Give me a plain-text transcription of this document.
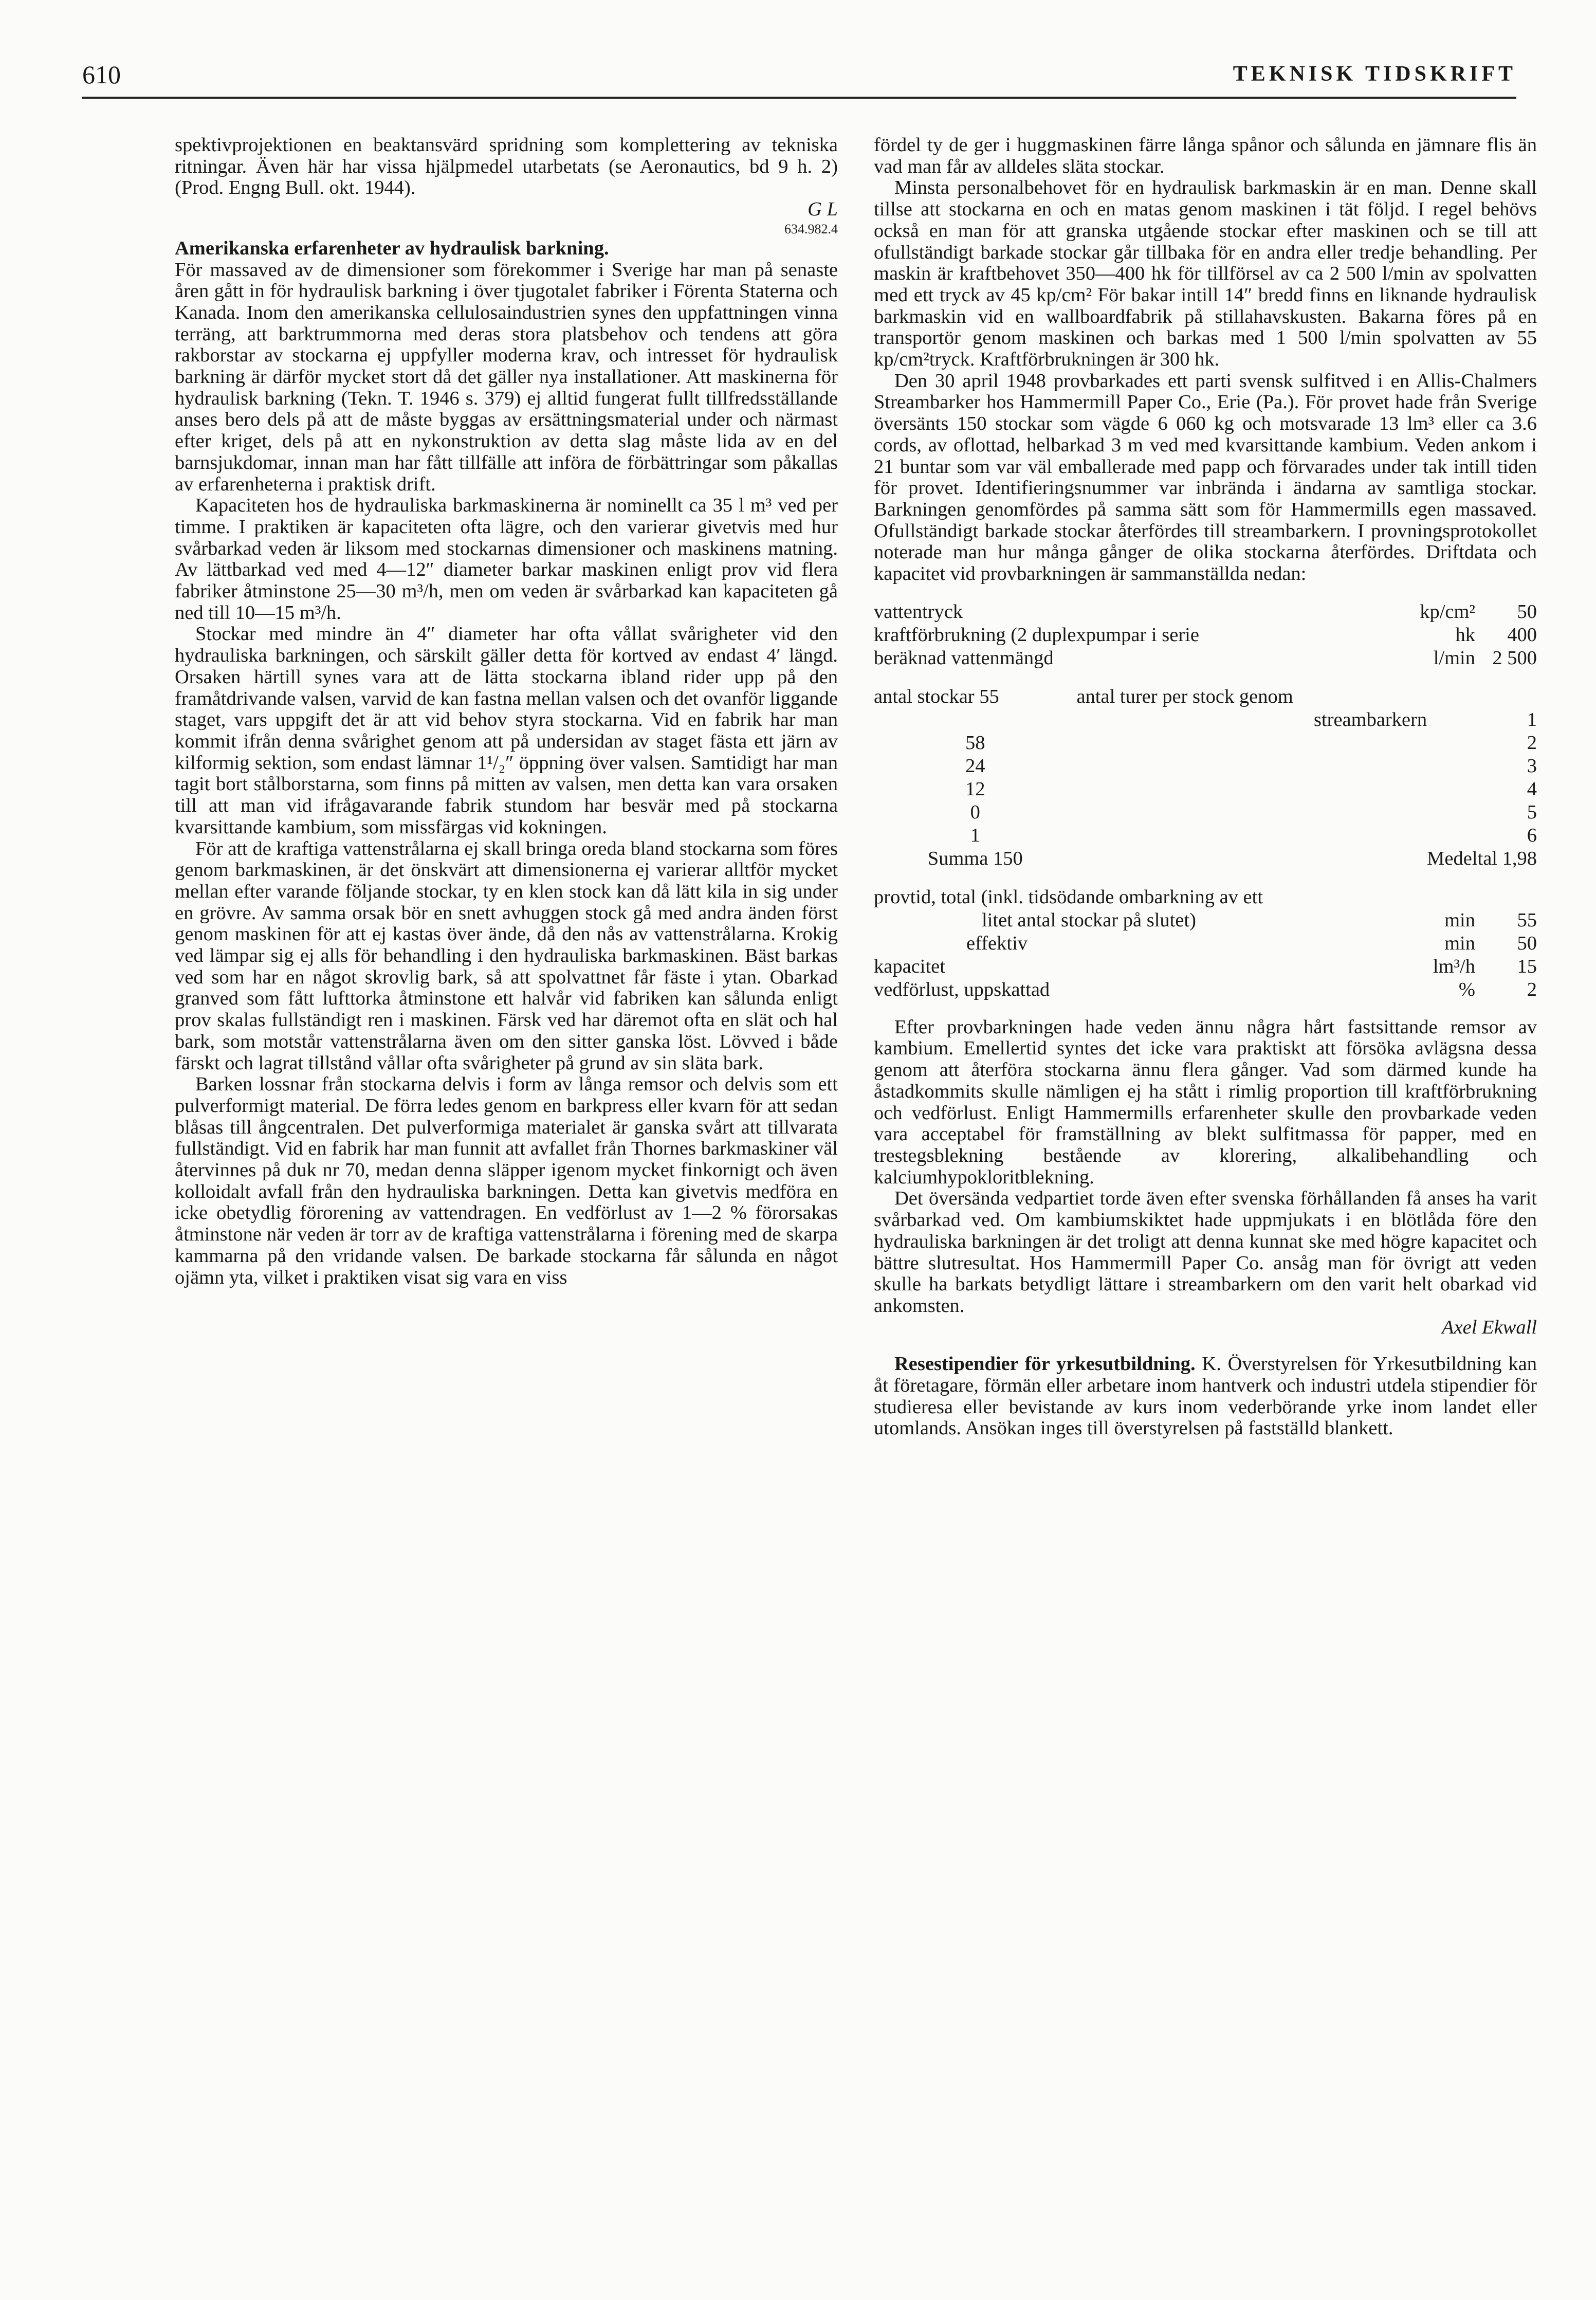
610	TEKNISK TIDSKRIFT

spektivprojektionen en beaktansvärd spridning som komplettering av tekniska ritningar. Även här har vissa hjälpmedel utarbetats (se Aeronautics, bd 9 h. 2) (Prod. Engng Bull. okt. 1944).

G L

634.982.4

Amerikanska erfarenheter av hydraulisk barkning.

För massaved av de dimensioner som förekommer i Sverige har man på senaste åren gått in för hydraulisk barkning i över tjugotalet fabriker i Förenta Staterna och Kanada. Inom den amerikanska cellulosaindustrien synes den uppfattningen vinna terräng, att barktrummorna med deras stora platsbehov och tendens att göra rakborstar av stockarna ej uppfyller moderna krav, och intresset för hydraulisk barkning är därför mycket stort då det gäller nya installationer. Att maskinerna för hydraulisk barkning (Tekn. T. 1946 s. 379) ej alltid fungerat fullt tillfredsställande anses bero dels på att de måste byggas av ersättningsmaterial under och närmast efter kriget, dels på att en nykonstruktion av detta slag måste lida av en del barnsjukdomar, innan man har fått tillfälle att införa de förbättringar som påkallas av erfarenheterna i praktisk drift.

Kapaciteten hos de hydrauliska barkmaskinerna är nominellt ca 35 l m³ ved per timme. I praktiken är kapaciteten ofta lägre, och den varierar givetvis med hur svårbarkad veden är liksom med stockarnas dimensioner och maskinens matning. Av lättbarkad ved med 4—12″ diameter barkar maskinen enligt prov vid flera fabriker åtminstone 25—30 m³/h, men om veden är svårbarkad kan kapaciteten gå ned till 10—15 m³/h.

Stockar med mindre än 4″ diameter har ofta vållat svårigheter vid den hydrauliska barkningen, och särskilt gäller detta för kortved av endast 4′ längd. Orsaken härtill synes vara att de lätta stockarna ibland rider upp på den framåtdrivande valsen, varvid de kan fastna mellan valsen och det ovanför liggande staget, vars uppgift det är att vid behov styra stockarna. Vid en fabrik har man kommit ifrån denna svårighet genom att på undersidan av staget fästa ett järn av kilformig sektion, som endast lämnar 1¹/₂″ öppning över valsen. Samtidigt har man tagit bort stålborstarna, som finns på mitten av valsen, men detta kan vara orsaken till att man vid ifrågavarande fabrik stundom har besvär med på stockarna kvarsittande kambium, som missfärgas vid kokningen.

För att de kraftiga vattenstrålarna ej skall bringa oreda bland stockarna som föres genom barkmaskinen, är det önskvärt att dimensionerna ej varierar alltför mycket mellan efter varande följande stockar, ty en klen stock kan då lätt kila in sig under en grövre. Av samma orsak bör en snett avhuggen stock gå med andra änden först genom maskinen för att ej kastas över ände, då den nås av vattenstrålarna. Krokig ved lämpar sig ej alls för behandling i den hydrauliska barkmaskinen. Bäst barkas ved som har en något skrovlig bark, så att spolvattnet får fäste i ytan. Obarkad granved som fått lufttorka åtminstone ett halvår vid fabriken kan sålunda enligt prov skalas fullständigt ren i maskinen. Färsk ved har däremot ofta en slät och hal bark, som motstår vattenstrålarna även om den sitter ganska löst. Lövved i både färskt och lagrat tillstånd vållar ofta svårigheter på grund av sin släta bark.

Barken lossnar från stockarna delvis i form av långa remsor och delvis som ett pulverformigt material. De förra ledes genom en barkpress eller kvarn för att sedan blåsas till ångcentralen. Det pulverformiga materialet är ganska svårt att tillvarata fullständigt. Vid en fabrik har man funnit att avfallet från Thornes barkmaskiner väl återvinnes på duk nr 70, medan denna släpper igenom mycket finkornigt och även kolloidalt avfall från den hydrauliska barkningen. Detta kan givetvis medföra en icke obetydlig förorening av vattendragen. En vedförlust av 1—2 % förorsakas åtminstone när veden är torr av de kraftiga vattenstrålarna i förening med de skarpa kammarna på den vridande valsen. De barkade stockarna får sålunda en något ojämn yta, vilket i praktiken visat sig vara en viss

fördel ty de ger i huggmaskinen färre långa spånor och sålunda en jämnare flis än vad man får av alldeles släta stockar.

Minsta personalbehovet för en hydraulisk barkmaskin är en man. Denne skall tillse att stockarna en och en matas genom maskinen i tät följd. I regel behövs också en man för att granska utgående stockar efter maskinen och se till att ofullständigt barkade stockar går tillbaka för en andra eller tredje behandling. Per maskin är kraftbehovet 350—400 hk för tillförsel av ca 2 500 l/min av spolvatten med ett tryck av 45 kp/cm² För bakar intill 14″ bredd finns en liknande hydraulisk barkmaskin vid en wallboardfabrik på stillahavskusten. Bakarna föres på en transportör genom maskinen och barkas med 1 500 l/min spolvatten av 55 kp/cm²tryck. Kraftförbrukningen är 300 hk.

Den 30 april 1948 provbarkades ett parti svensk sulfitved i en Allis-Chalmers Streambarker hos Hammermill Paper Co., Erie (Pa.). För provet hade från Sverige översänts 150 stockar som vägde 6 060 kg och motsvarade 13 lm³ eller ca 3.6 cords, av oflottad, helbarkad 3 m ved med kvarsittande kambium. Veden ankom i 21 buntar som var väl emballerade med papp och förvarades under tak intill tiden för provet. Identifieringsnummer var inbrända i ändarna av samtliga stockar. Barkningen genomfördes på samma sätt som för Hammermills egen massaved. Ofullständigt barkade stockar återfördes till streambarkern. I provningsprotokollet noterade man hur många gånger de olika stockarna återfördes. Driftdata och kapacitet vid provbarkningen är sammanställda nedan:

vattentryck	kp/cm²	50
kraftförbrukning (2 duplexpumpar i serie	hk	400
beräknad vattenmängd	l/min	2 500
antal stockar 55	antal turer per stock genom	
	streambarkern	1
58		2
24		3
12		4
0		5
1		6
Summa 150		Medeltal 1,98
provtid, total (inkl. tidsödande ombarkning av ett		
litet antal stockar på slutet)	min	55
effektiv	min	50
kapacitet	lm³/h	15
vedförlust, uppskattad	%	2

Efter provbarkningen hade veden ännu några hårt fastsittande remsor av kambium. Emellertid syntes det icke vara praktiskt att försöka avlägsna dessa genom att återföra stockarna ännu flera gånger. Vad som därmed kunde ha åstadkommits skulle nämligen ej ha stått i rimlig proportion till kraftförbrukning och vedförlust. Enligt Hammermills erfarenheter skulle den provbarkade veden vara acceptabel för framställning av blekt sulfitmassa för papper, med en trestegsblekning bestående av klorering, alkalibehandling och kalciumhypokloritblekning.

Det översända vedpartiet torde även efter svenska förhållanden få anses ha varit svårbarkad ved. Om kambiumskiktet hade uppmjukats i en blötlåda före den hydrauliska barkningen är det troligt att denna kunnat ske med högre kapacitet och bättre slutresultat. Hos Hammermill Paper Co. ansåg man för övrigt att veden skulle ha barkats betydligt lättare i streambarkern om den varit helt obarkad vid ankomsten.

Axel Ekwall

Resestipendier för yrkesutbildning. K. Överstyrelsen för Yrkesutbildning kan åt företagare, förmän eller arbetare inom hantverk och industri utdela stipendier för studieresa eller bevistande av kurs inom vederbörande yrke inom landet eller utomlands. Ansökan inges till överstyrelsen på fastställd blankett.
